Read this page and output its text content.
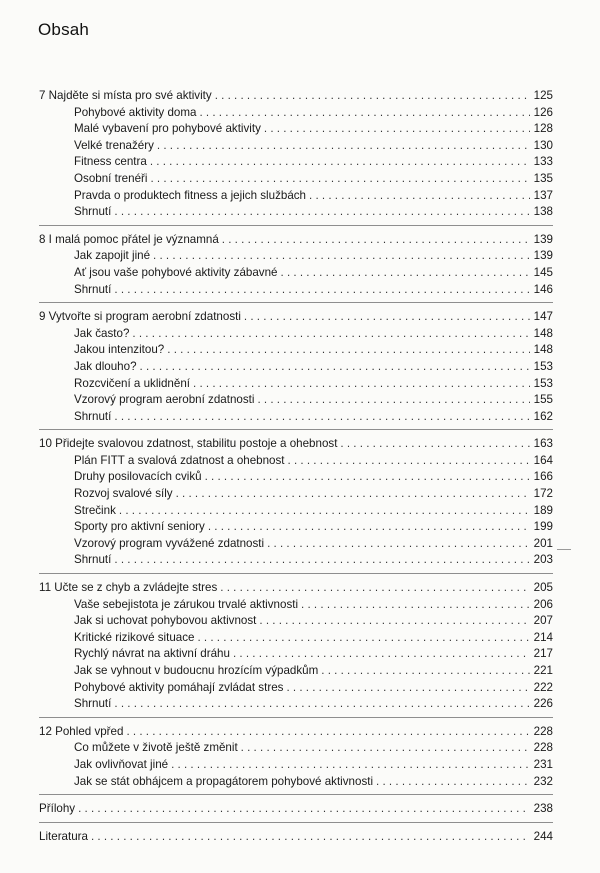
Obsah
7 Najděte si místa pro své aktivity . . .	125
Pohybové aktivity doma . . .	126
Malé vybavení pro pohybové aktivity . . .	128
Velké trenažéry . . .	130
Fitness centra . . .	133
Osobní trenéři . . .	135
Pravda o produktech fitness a jejich službách . . .	137
Shrnutí . . .	138
8 I malá pomoc přátel je významná . . .	139
Jak zapojit jiné . . .	139
Ať jsou vaše pohybové aktivity zábavné . . .	145
Shrnutí . . .	146
9 Vytvořte si program aerobní zdatnosti . . .	147
Jak často? . . .	148
Jakou intenzitou? . . .	148
Jak dlouho? . . .	153
Rozcvičení a uklidnění . . .	153
Vzorový program aerobní zdatnosti . . .	155
Shrnutí . . .	162
10 Přidejte svalovou zdatnost, stabilitu postoje a ohebnost . . .	163
Plán FITT a svalová zdatnost a ohebnost . . .	164
Druhy posilovacích cviků . . .	166
Rozvoj svalové síly . . .	172
Strečink . . .	189
Sporty pro aktivní seniory . . .	199
Vzorový program vyvážené zdatnosti . . .	201
Shrnutí . . .	203
11 Učte se z chyb a zvládejte stres . . .	205
Vaše sebejistota je zárukou trvalé aktivnosti . . .	206
Jak si uchovat pohybovou aktivnost . . .	207
Kritické rizikové situace . . .	214
Rychlý návrat na aktivní dráhu . . .	217
Jak se vyhnout v budoucnu hrozícím výpadkům . . .	221
Pohybové aktivity pomáhají zvládat stres . . .	222
Shrnutí . . .	226
12 Pohled vpřed . . .	228
Co můžete v životě ještě změnit . . .	228
Jak ovlivňovat jiné . . .	231
Jak se stát obhájcem a propagátorem pohybové aktivnosti . . .	232
Přílohy . . .	238
Literatura . . .	244
